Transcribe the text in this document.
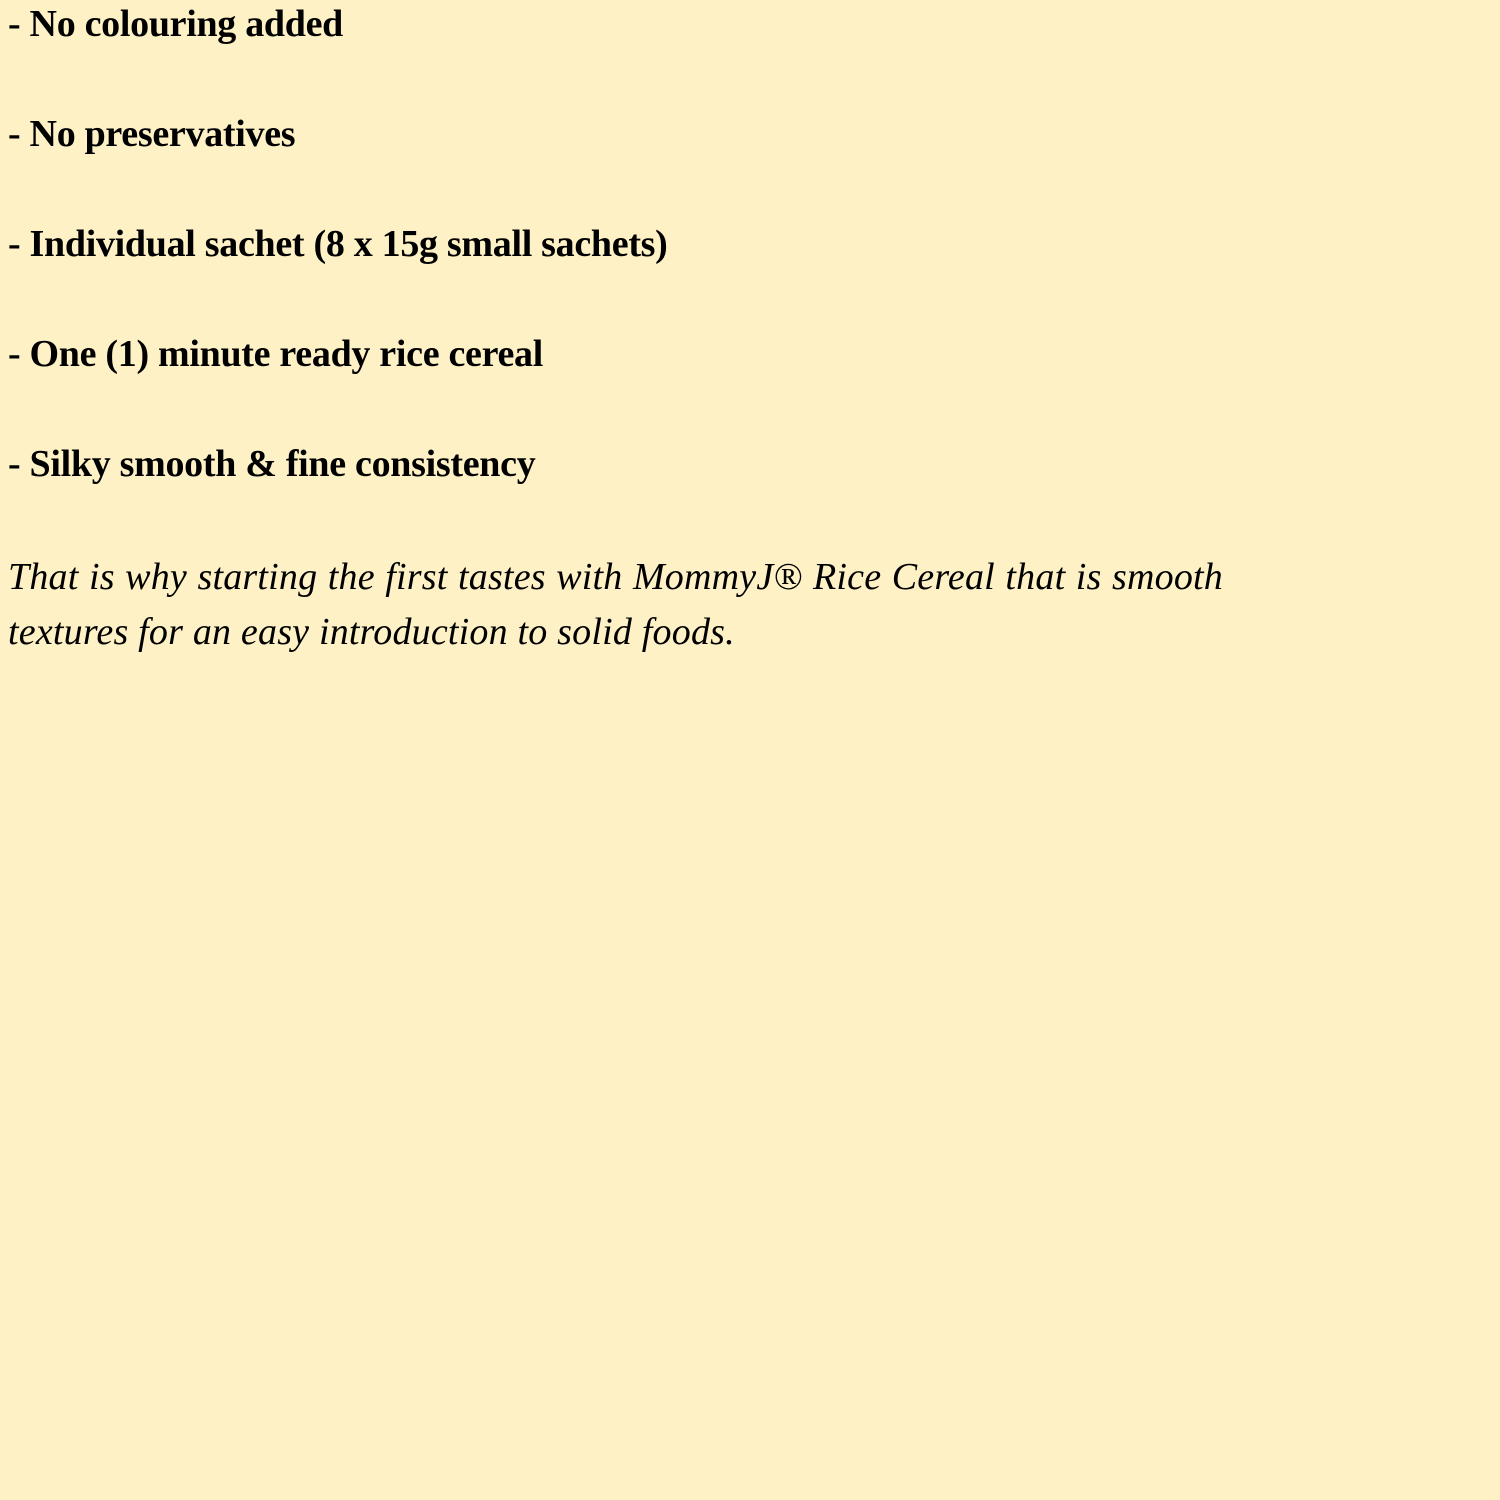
- No colouring added
- No preservatives
- Individual sachet (8 x 15g small sachets)
- One (1) minute ready rice cereal
- Silky smooth & fine consistency

That is why starting the first tastes with MommyJ® Rice Cereal that is smooth textures for an easy introduction to solid foods.
